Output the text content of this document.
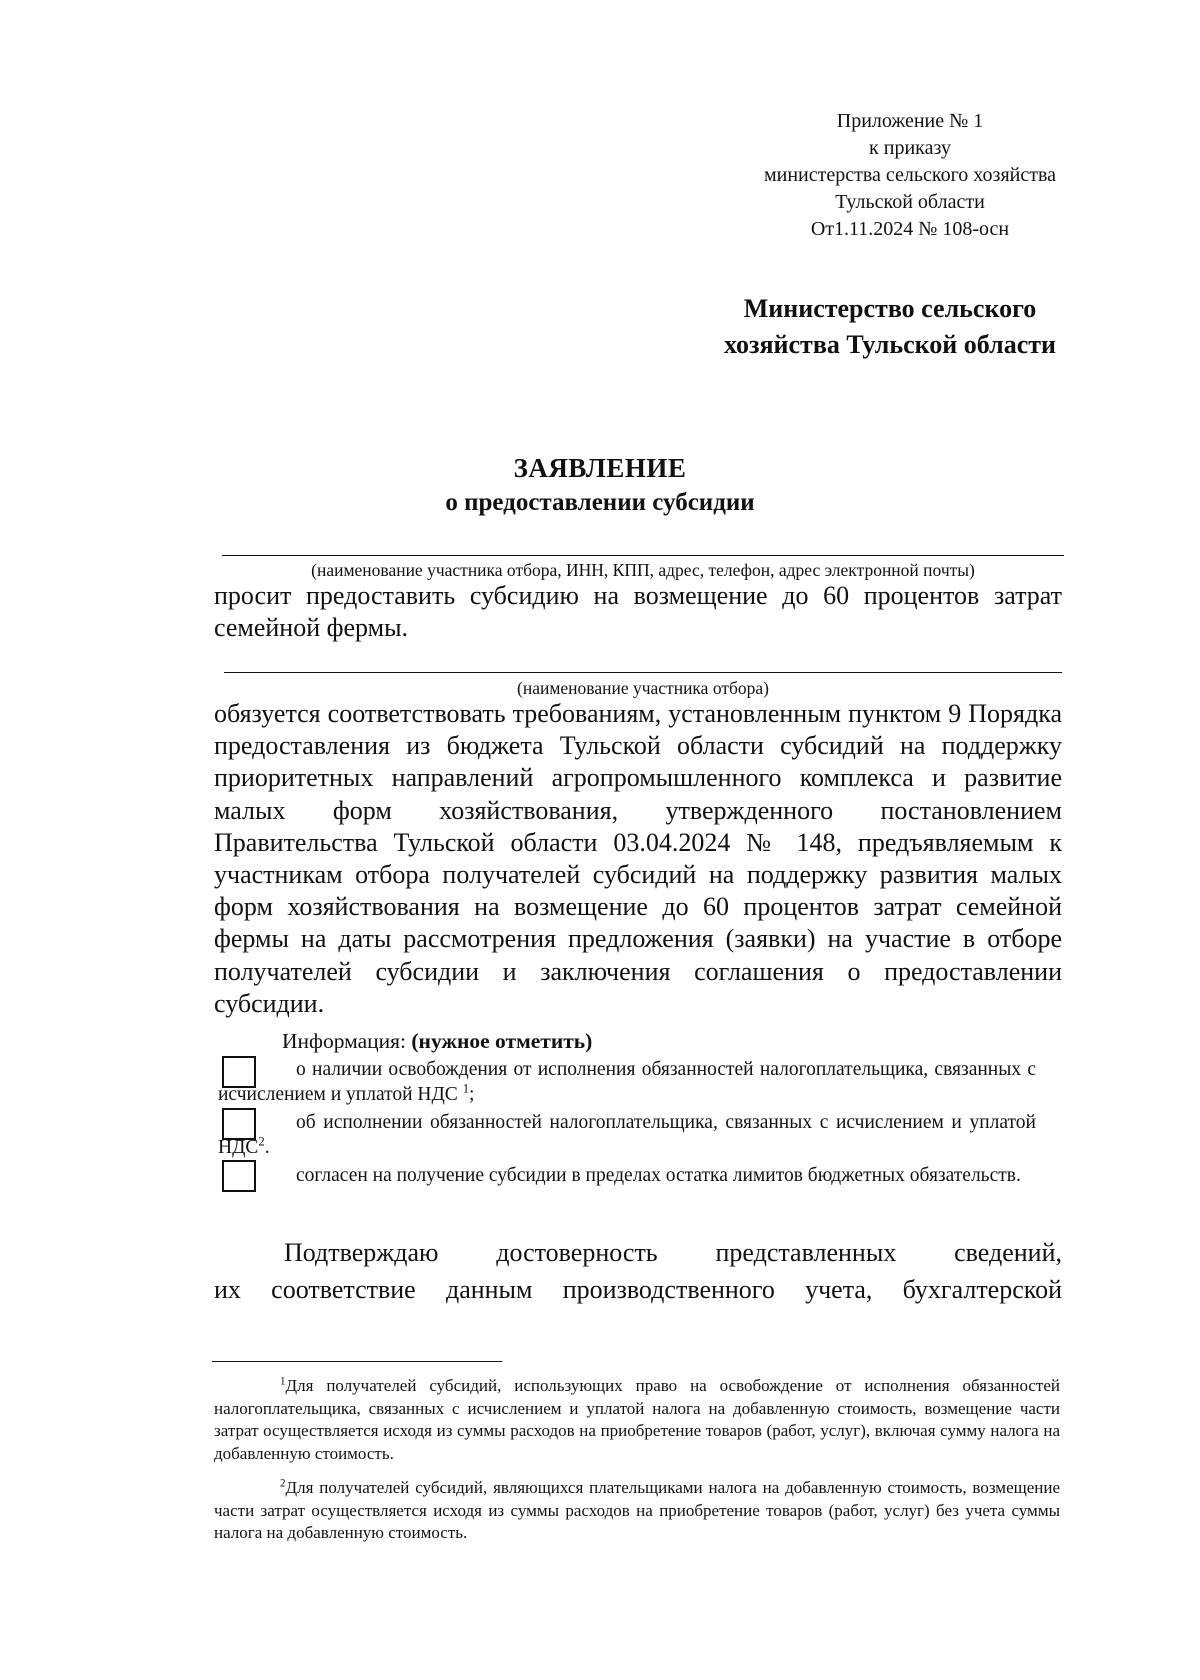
Приложение № 1
к приказу
министерства сельского хозяйства
Тульской области
От1.11.2024 № 108-осн
Министерство сельского
хозяйства Тульской области
ЗАЯВЛЕНИЕ
о предоставлении субсидии
(наименование участника отбора, ИНН, КПП, адрес, телефон, адрес электронной почты)
просит предоставить субсидию на возмещение до 60 процентов затрат семейной фермы.
(наименование участника отбора)
обязуется соответствовать требованиям, установленным пунктом 9 Порядка предоставления из бюджета Тульской области субсидий на поддержку приоритетных направлений агропромышленного комплекса и развитие малых форм хозяйствования, утвержденного постановлением Правительства Тульской области 03.04.2024 № 148, предъявляемым к участникам отбора получателей субсидий на поддержку развития малых форм хозяйствования на возмещение до 60 процентов затрат семейной фермы на даты рассмотрения предложения (заявки) на участие в отборе получателей субсидии и заключения соглашения о предоставлении субсидии.
Информация: (нужное отметить)
о наличии освобождения от исполнения обязанностей налогоплательщика, связанных с исчислением и уплатой НДС $^1$;
об исполнении обязанностей налогоплательщика, связанных с исчислением и уплатой НДС$^2$.
согласен на получение субсидии в пределах остатка лимитов бюджетных обязательств.
Подтверждаю достоверность представленных сведений,
их соответствие данным производственного учета, бухгалтерской
$^1$Для получателей субсидий, использующих право на освобождение от исполнения обязанностей налогоплательщика, связанных с исчислением и уплатой налога на добавленную стоимость, возмещение части затрат осуществляется исходя из суммы расходов на приобретение товаров (работ, услуг), включая сумму налога на добавленную стоимость.
$^2$Для получателей субсидий, являющихся плательщиками налога на добавленную стоимость, возмещение части затрат осуществляется исходя из суммы расходов на приобретение товаров (работ, услуг) без учета суммы налога на добавленную стоимость.
